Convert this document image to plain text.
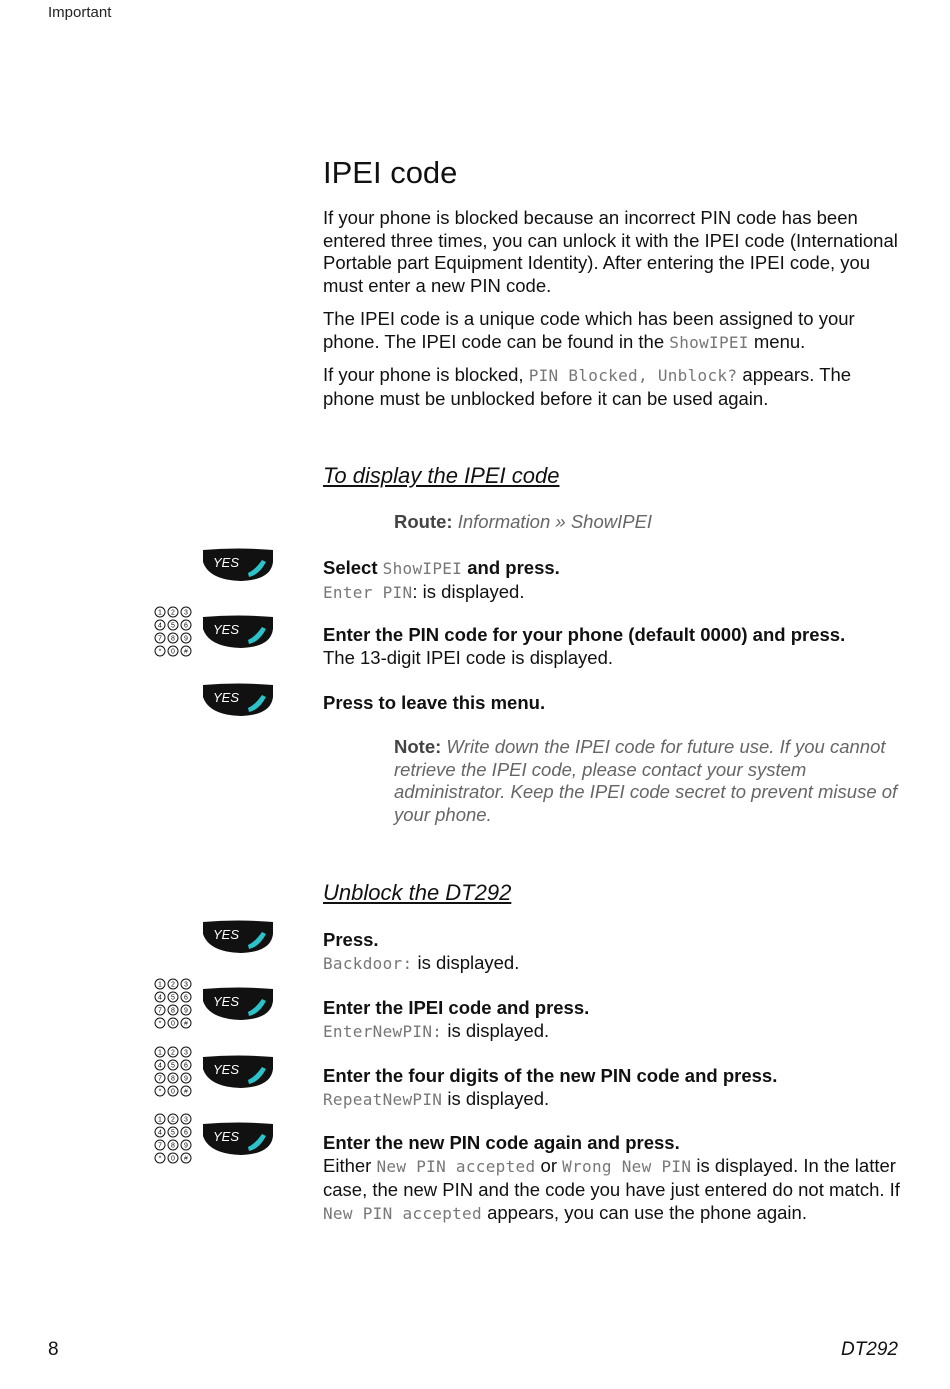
Important
IPEI code

If your phone is blocked because an incorrect PIN code has been entered three times, you can unlock it with the IPEI code (International Portable part Equipment Identity). After entering the IPEI code, you must enter a new PIN code.

The IPEI code is a unique code which has been assigned to your phone. The IPEI code can be found in the ShowIPEI menu.

If your phone is blocked, PIN Blocked, Unblock? appears. The phone must be unblocked before it can be used again.

To display the IPEI code
Route: Information » ShowIPEI
YES
1 2 3
4 5 6
7 8 9
* 0 #
YES
YES
Select ShowIPEI and press.
Enter PIN: is displayed.
Enter the PIN code for your phone (default 0000) and press.
The 13-digit IPEI code is displayed.
Press to leave this menu.
Note: Write down the IPEI code for future use. If you cannot retrieve the IPEI code, please contact your system administrator. Keep the IPEI code secret to prevent misuse of your phone.
Unblock the DT292
YES
1 2 3
4 5 6
7 8 9
* 0 #
YES
1 2 3
4 5 6
7 8 9
* 0 #
YES
1 2 3
4 5 6
7 8 9
* 0 #
YES
Press.
Backdoor: is displayed.
Enter the IPEI code and press.
EnterNewPIN: is displayed.
Enter the four digits of the new PIN code and press.
RepeatNewPIN is displayed.
Enter the new PIN code again and press.
Either New PIN accepted or Wrong New PIN is displayed. In the latter case, the new PIN and the code you have just entered do not match. If New PIN accepted appears, you can use the phone again.
8	DT292
